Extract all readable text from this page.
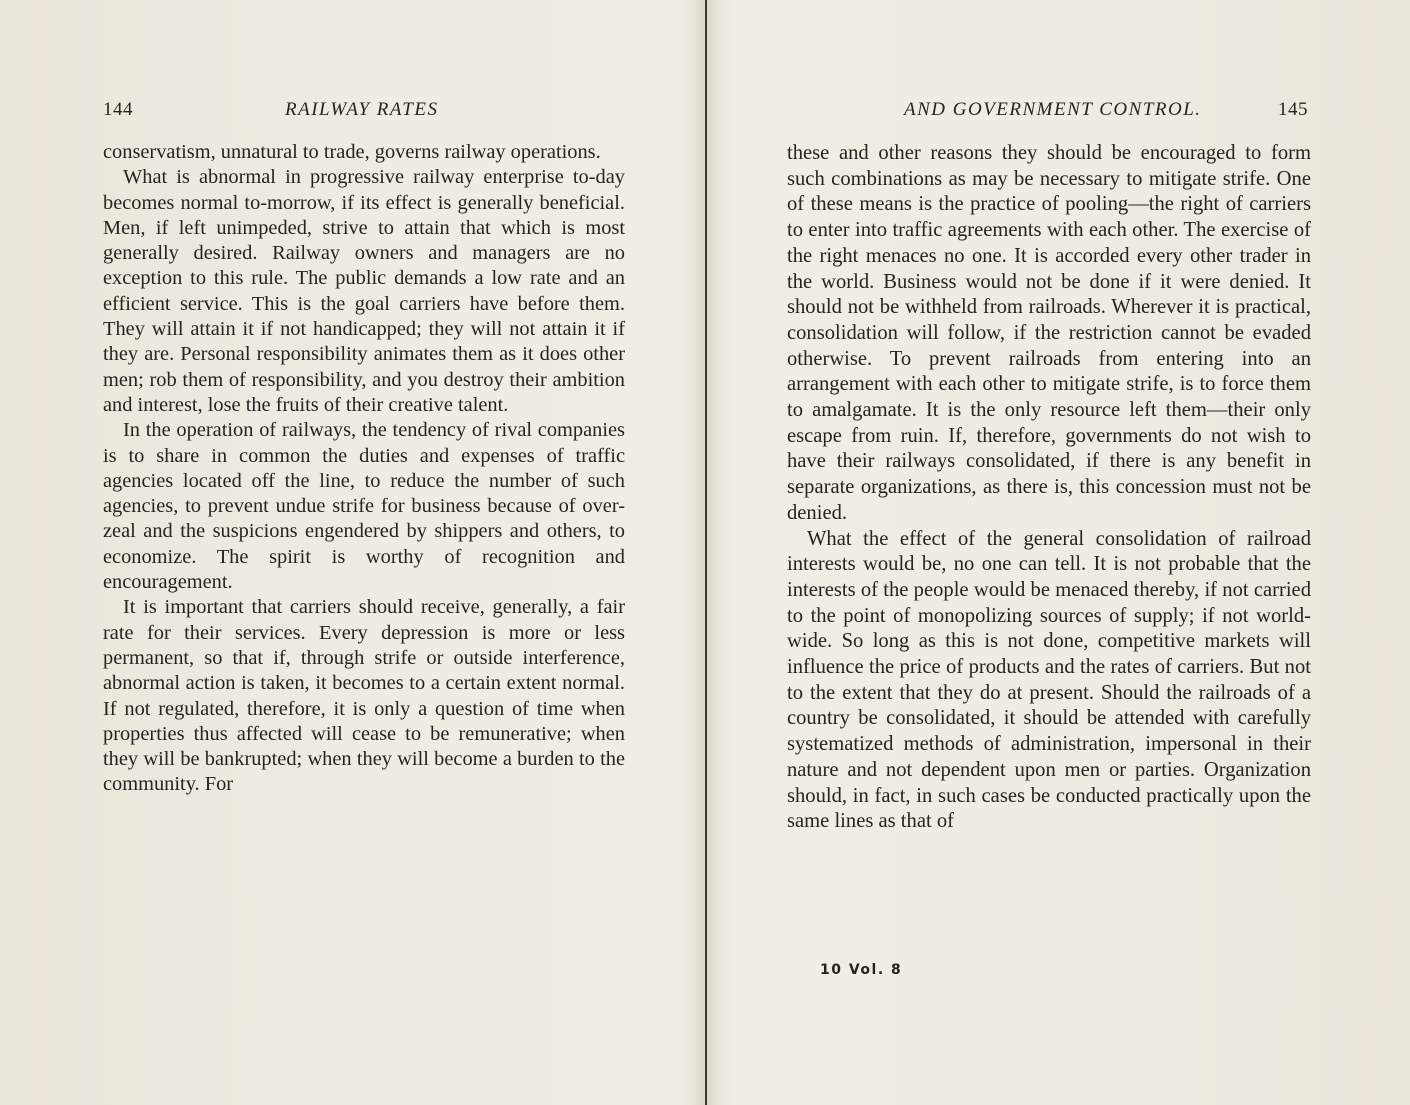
144	RAILWAY RATES

conservatism, unnatural to trade, governs railway operations.

What is abnormal in progressive railway enterprise to-day becomes normal to-morrow, if its effect is generally beneficial. Men, if left unimpeded, strive to attain that which is most generally desired. Railway owners and managers are no exception to this rule. The public demands a low rate and an efficient service. This is the goal carriers have before them. They will attain it if not handicapped; they will not attain it if they are. Personal responsibility animates them as it does other men; rob them of responsibility, and you destroy their ambition and interest, lose the fruits of their creative talent.

In the operation of railways, the tendency of rival companies is to share in common the duties and expenses of traffic agencies located off the line, to reduce the number of such agencies, to prevent undue strife for business because of over-zeal and the suspicions engendered by shippers and others, to economize. The spirit is worthy of recognition and encouragement.

It is important that carriers should receive, generally, a fair rate for their services. Every depression is more or less permanent, so that if, through strife or outside interference, abnormal action is taken, it becomes to a certain extent normal. If not regulated, therefore, it is only a question of time when properties thus affected will cease to be remunerative; when they will be bankrupted; when they will become a burden to the community. For

AND GOVERNMENT CONTROL.	145

these and other reasons they should be encouraged to form such combinations as may be necessary to mitigate strife. One of these means is the practice of pooling—the right of carriers to enter into traffic agreements with each other. The exercise of the right menaces no one. It is accorded every other trader in the world. Business would not be done if it were denied. It should not be withheld from railroads. Wherever it is practical, consolidation will follow, if the restriction cannot be evaded otherwise. To prevent railroads from entering into an arrangement with each other to mitigate strife, is to force them to amalgamate. It is the only resource left them—their only escape from ruin. If, therefore, governments do not wish to have their railways consolidated, if there is any benefit in separate organizations, as there is, this concession must not be denied.

What the effect of the general consolidation of railroad interests would be, no one can tell. It is not probable that the interests of the people would be menaced thereby, if not carried to the point of monopolizing sources of supply; if not world-wide. So long as this is not done, competitive markets will influence the price of products and the rates of carriers. But not to the extent that they do at present. Should the railroads of a country be consolidated, it should be attended with carefully systematized methods of administration, impersonal in their nature and not dependent upon men or parties. Organization should, in fact, in such cases be conducted practically upon the same lines as that of

10 Vol. 8
